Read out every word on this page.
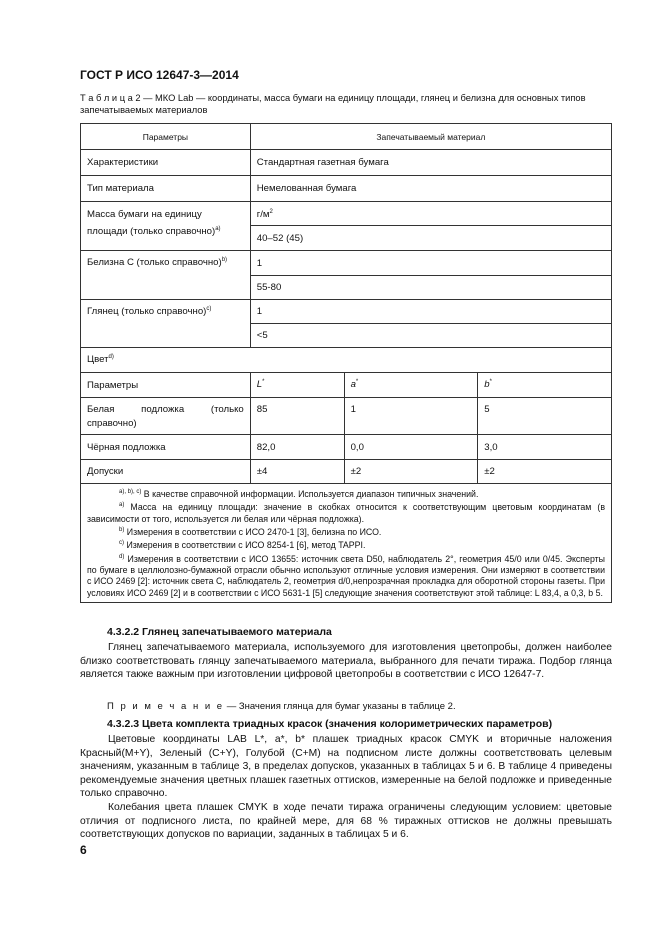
ГОСТ Р ИСО 12647-3—2014
Т а б л и ц а 2 — МКО Lab — координаты, масса бумаги на единицу площади, глянец и белизна для основных типов запечатываемых материалов
Параметры	Запечатываемый материал		
Характеристики	Стандартная газетная бумага		
Тип материала	Немелованная бумага		
Масса бумаги на единицу площади (только справочно)$^{а)}$	$г/м^2$
	40–52 (45)		
Белизна С (только справочно)$^{b)}$	1		
	55-80		
Глянец (только справочно)$^{c)}$	1		
	<5		
Цвет$^{d)}$
Параметры	L*	a*	b*
Белая подложка (только справочно)	85	1	5
Чёрная подложка	82,0	0,0	3,0
Допуски	±4	±2	±2

$^{a), b), c)}$ В качестве справочной информации. Используется диапазон типичных значений.

$^{a)}$ Масса на единицу площади: значение в скобках относится к соответствующим цветовым координатам (в зависимости от того, используется ли белая или чёрная подложка).

$^{b)}$ Измерения в соответствии с ИСО 2470-1 [3], белизна по ИСО.

$^{c)}$ Измерения в соответствии с ИСО 8254-1 [6], метод TAPPI.

$^{d)}$ Измерения в соответствии с ИСО 13655: источник света D50, наблюдатель 2°, геометрия 45/0 или 0/45. Эксперты по бумаге в целлюлозно-бумажной отрасли обычно используют отличные условия измерения. Они измеряют в соответствии с ИСО 2469 [2]: источник света С, наблюдатель 2, геометрия d/0,непрозрачная прокладка для оборотной стороны газеты. При условиях ИСО 2469 [2] и в соответствии с ИСО 5631-1 [5] следующие значения соответствуют этой таблице: L 83,4, a 0,3, b 5.			

4.3.2.2 Глянец запечатываемого материала
Глянец запечатываемого материала, используемого для изготовления цветопробы, должен наиболее близко соответствовать глянцу запечатываемого материала, выбранного для печати тиража. Подбор глянца является также важным при изготовлении цифровой цветопробы в соответствии с ИСО 12647-7.
П р и м е ч а н и е — Значения глянца для бумаг указаны в таблице 2.
4.3.2.3 Цвета комплекта триадных красок (значения колориметрических параметров)
Цветовые координаты LAB L*, a*, b* плашек триадных красок CMYK и вторичные наложения Красный(M+Y), Зеленый (C+Y), Голубой (C+M) на подписном листе должны соответствовать целевым значениям, указанным в таблице 3, в пределах допусков, указанных в таблицах 5 и 6. В таблице 4 приведены рекомендуемые значения цветных плашек газетных оттисков, измеренные на белой подложке и приведенные только справочно.
Колебания цвета плашек CMYK в ходе печати тиража ограничены следующим условием: цветовые отличия от подписного листа, по крайней мере, для 68 % тиражных оттисков не должны превышать соответствующих допусков по вариации, заданных в таблицах 5 и 6.
6
